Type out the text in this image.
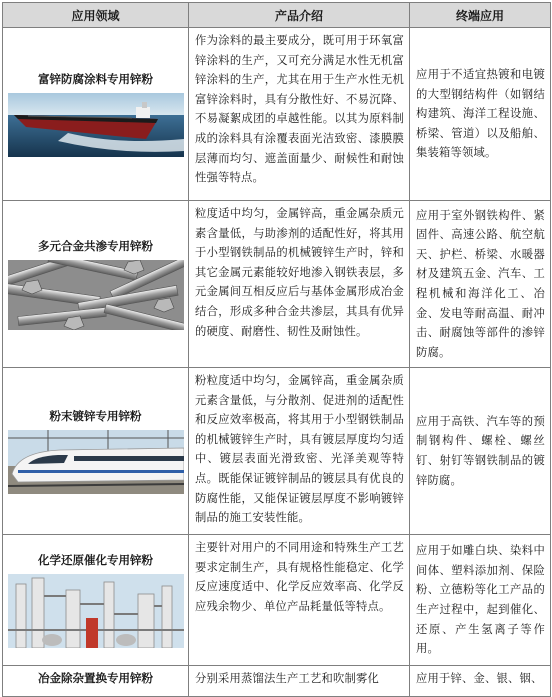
应用领域	产品介绍	终端应用

富锌防腐涂料专用锌粉	作为涂料的最主要成分，既可用于环氧富锌涂料的生产，又可充分满足水性无机富锌涂料的生产，尤其在用于生产水性无机富锌涂料时，具有分散性好、不易沉降、不易凝絮成团的卓越性能。以其为原料制成的涂料具有涂覆表面光洁致密、漆膜膜层薄而均匀、遮盖面量少、耐候性和耐蚀性强等特点。	应用于不适宜热镀和电镀的大型钢结构件（如钢结构建筑、海洋工程设施、桥梁、管道）以及船舶、集装箱等领域。

多元合金共渗专用锌粉	粒度适中均匀，金属锌高，重金属杂质元素含量低，与助渗剂的适配性好，将其用于小型钢铁制品的机械镀锌生产时，锌和其它金属元素能较好地渗入钢铁表层，多元金属间互相反应后与基体金属形成冶金结合，形成多种合金共渗层，其具有优异的硬度、耐磨性、韧性及耐蚀性。	应用于室外钢铁构件、紧固件、高速公路、航空航天、护栏、桥梁、水暖器材及建筑五金、汽车、工程机械和海洋化工、冶金、发电等耐高温、耐冲击、耐腐蚀等部件的渗锌防腐。

粉末镀锌专用锌粉	粉粒度适中均匀，金属锌高，重金属杂质元素含量低，与分散剂、促进剂的适配性和反应效率极高，将其用于小型钢铁制品的机械镀锌生产时，具有镀层厚度均匀适中、镀层表面光滑致密、光泽美观等特点。既能保证镀锌制品的镀层具有优良的防腐性能，又能保证镀层厚度不影响镀锌制品的施工安装性能。	应用于高铁、汽车等的预制钢构件、螺栓、螺丝钉、射钉等钢铁制品的镀锌防腐。

化学还原催化专用锌粉	主要针对用户的不同用途和特殊生产工艺要求定制生产，具有规格性能稳定、化学反应速度适中、化学反应效率高、化学反应残余物少、单位产品耗量低等特点。	应用于如雕白块、染料中间体、塑料添加剂、保险粉、立德粉等化工产品的生产过程中，起到催化、还原、产生氢离子等作用。

冶金除杂置换专用锌粉	分别采用蒸馏法生产工艺和吹制雾化	应用于锌、金、银、铟、
